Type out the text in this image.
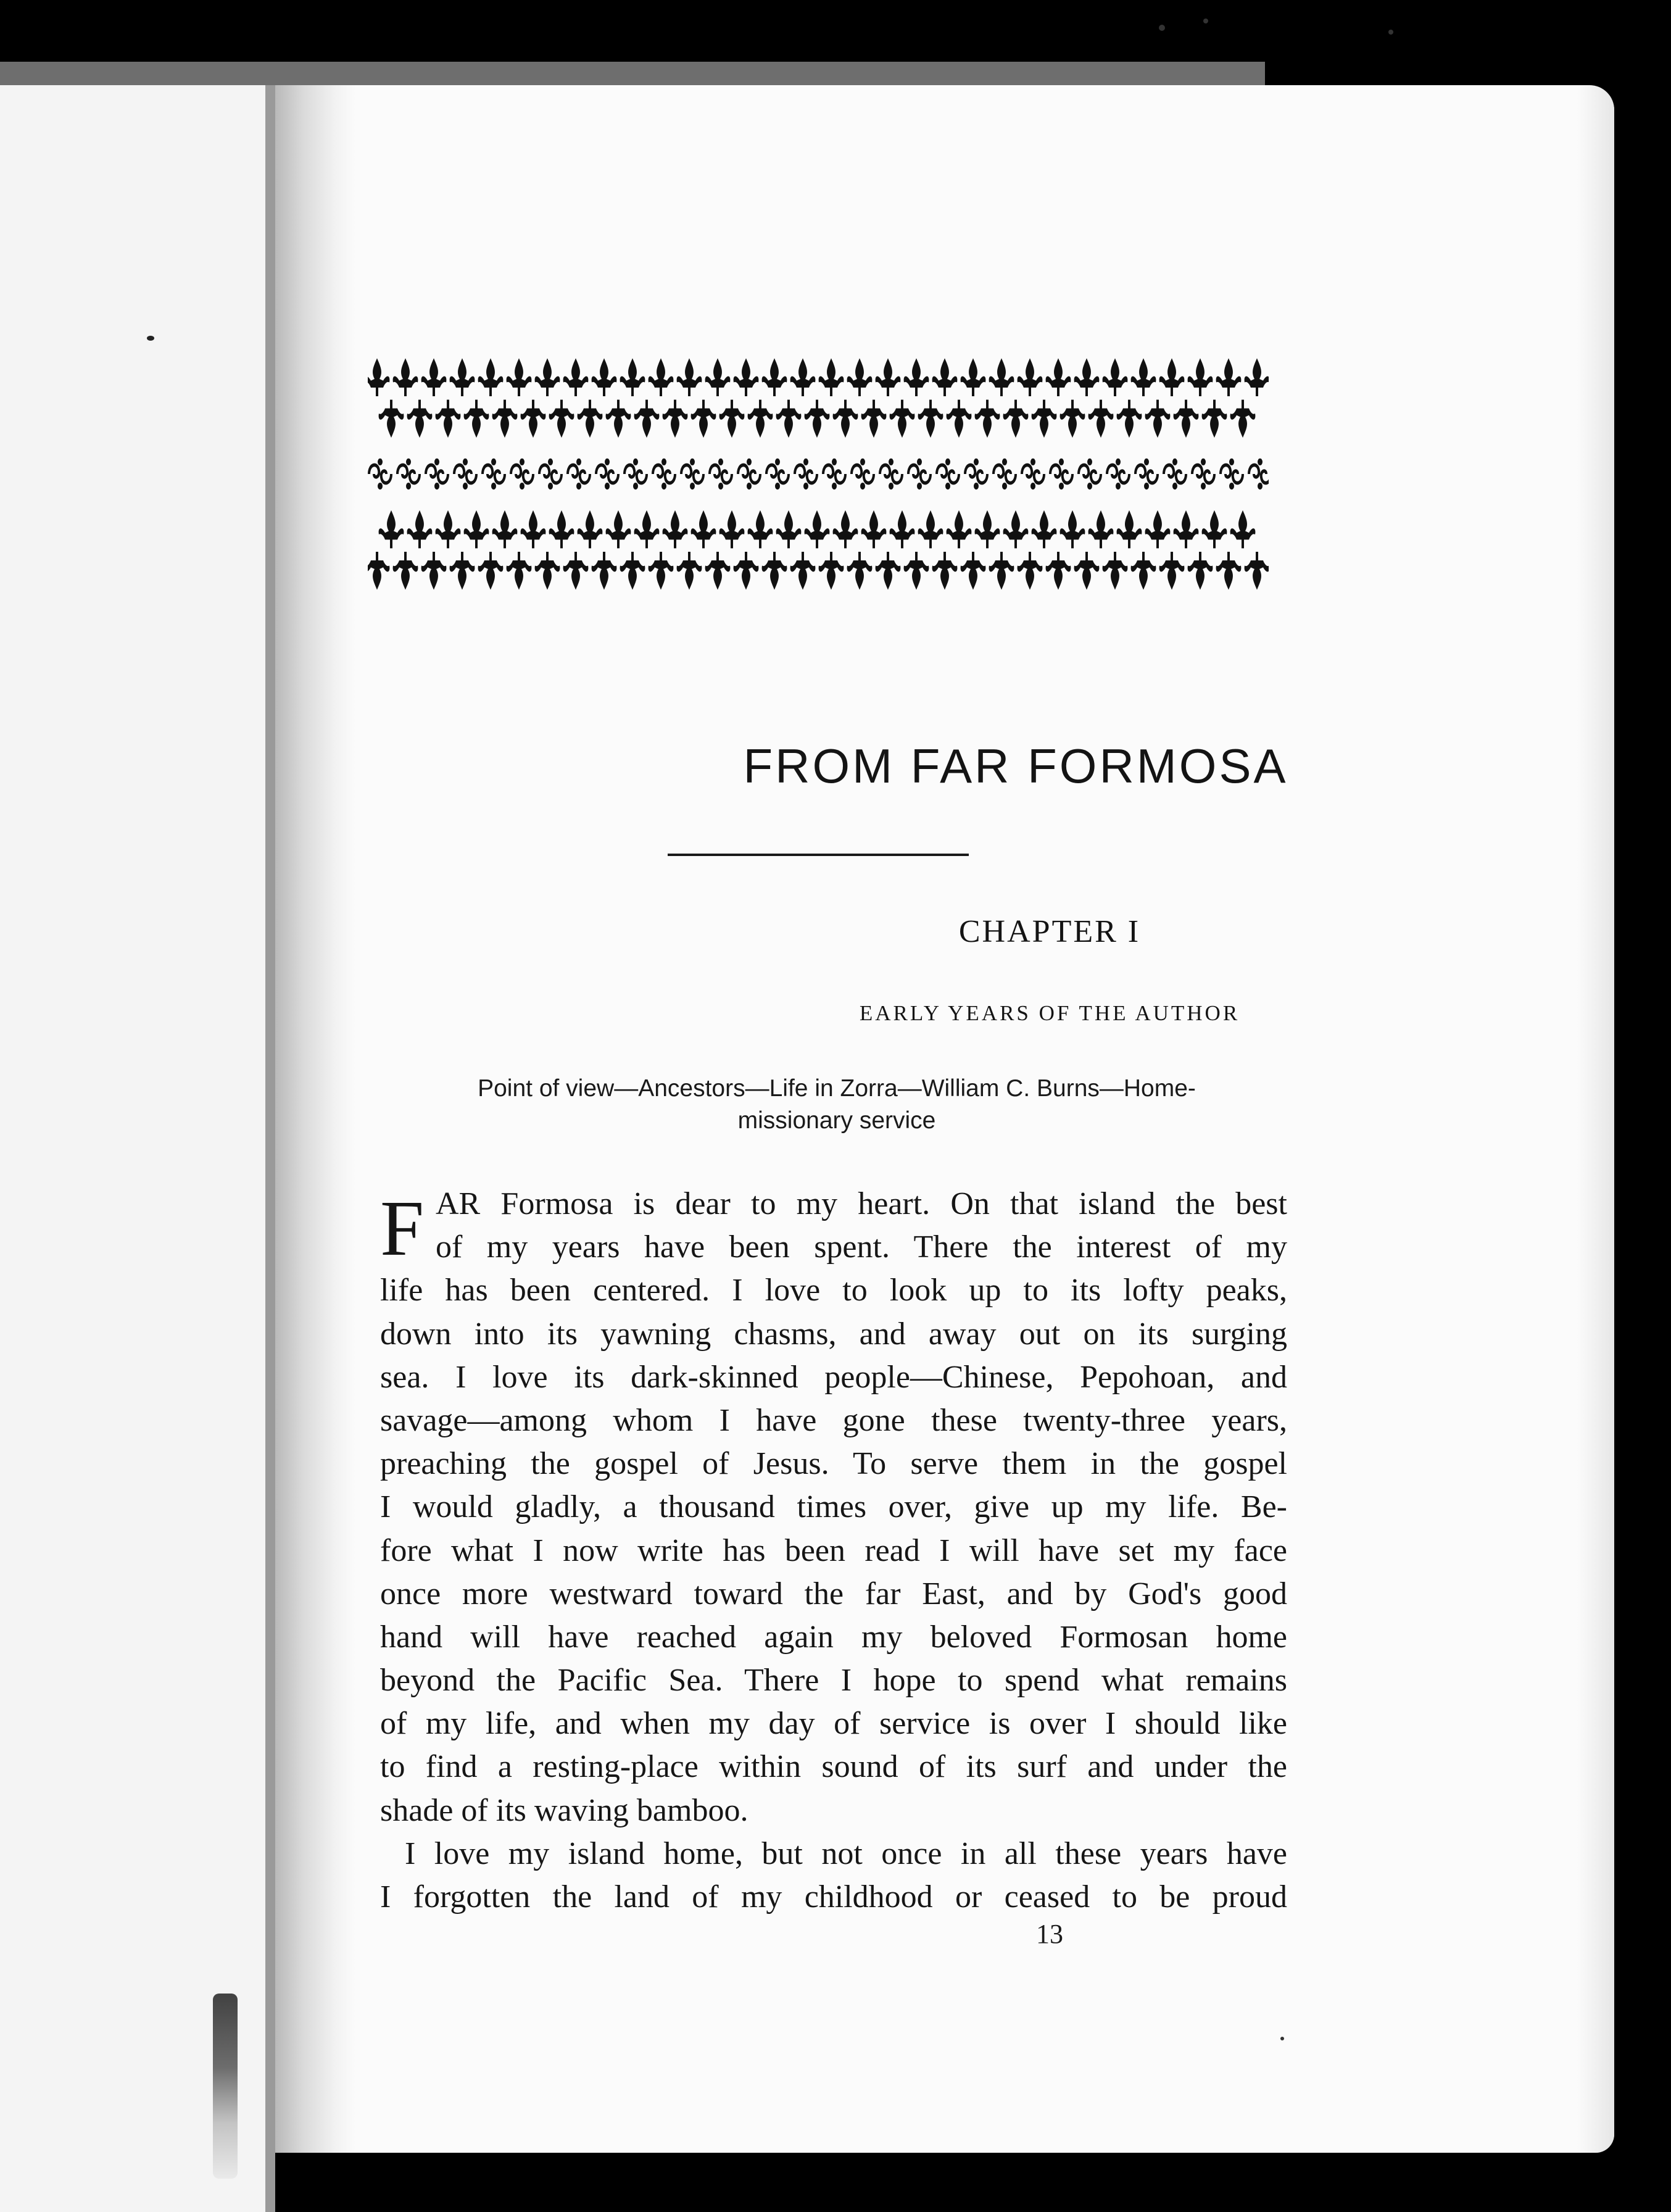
FROM FAR FORMOSA
CHAPTER I
EARLY YEARS OF THE AUTHOR
Point of view—Ancestors—Life in Zorra—William C. Burns—Home-
missionary service
F AR Formosa is dear to my heart. On that island the best
of my years have been spent. There the interest of my
life has been centered. I love to look up to its lofty peaks,
down into its yawning chasms, and away out on its surging
sea. I love its dark-skinned people—Chinese, Pepohoan, and
savage—among whom I have gone these twenty-three years,
preaching the gospel of Jesus. To serve them in the gospel
I would gladly, a thousand times over, give up my life. Be-
fore what I now write has been read I will have set my face
once more westward toward the far East, and by God's good
hand will have reached again my beloved Formosan home
beyond the Pacific Sea. There I hope to spend what remains
of my life, and when my day of service is over I should like
to find a resting-place within sound of its surf and under the
shade of its waving bamboo.
I love my island home, but not once in all these years have
I forgotten the land of my childhood or ceased to be proud
13
